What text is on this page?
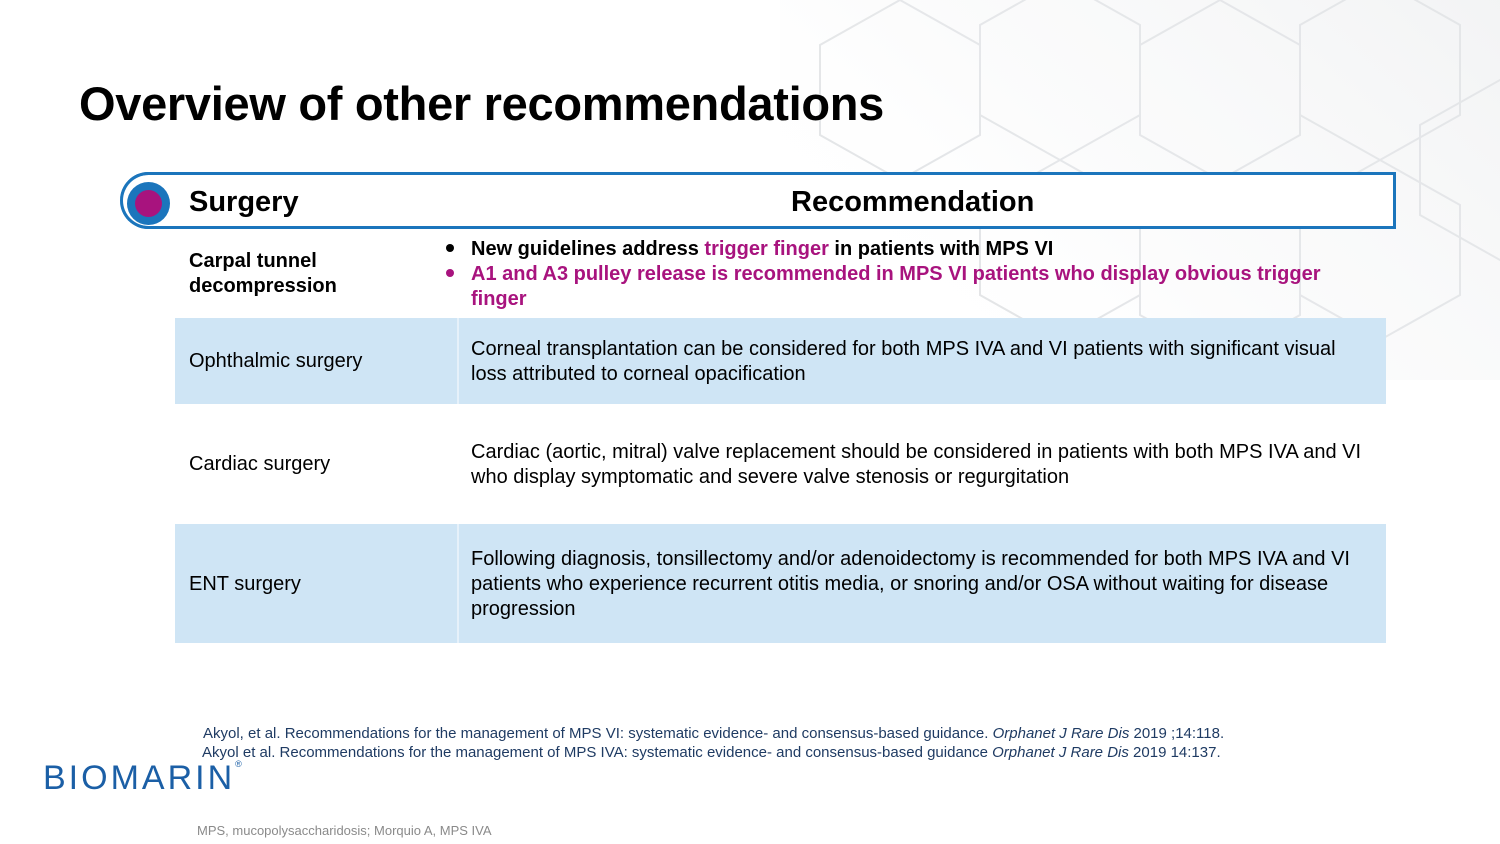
Overview of other recommendations
Surgery	Recommendation
Carpal tunnel decompression
New guidelines address trigger finger in patients with MPS VI
A1 and A3 pulley release is recommended in MPS VI patients who display obvious trigger finger
Ophthalmic surgery
Corneal transplantation can be considered for both MPS IVA and VI patients with significant visual loss attributed to corneal opacification
Cardiac surgery
Cardiac (aortic, mitral) valve replacement should be considered in patients with both MPS IVA and VI who display symptomatic and severe valve stenosis or regurgitation
ENT surgery
Following diagnosis, tonsillectomy and/or adenoidectomy is recommended for both MPS IVA and VI patients who experience recurrent otitis media, or snoring and/or OSA without waiting for disease progression
Akyol, et al. Recommendations for the management of MPS VI: systematic evidence- and consensus-based guidance. Orphanet J Rare Dis 2019 ;14:118.
Akyol et al. Recommendations for the management of MPS IVA: systematic evidence- and consensus-based guidance Orphanet J Rare Dis 2019 14:137.
BIOMARIN®
MPS, mucopolysaccharidosis; Morquio A, MPS IVA
